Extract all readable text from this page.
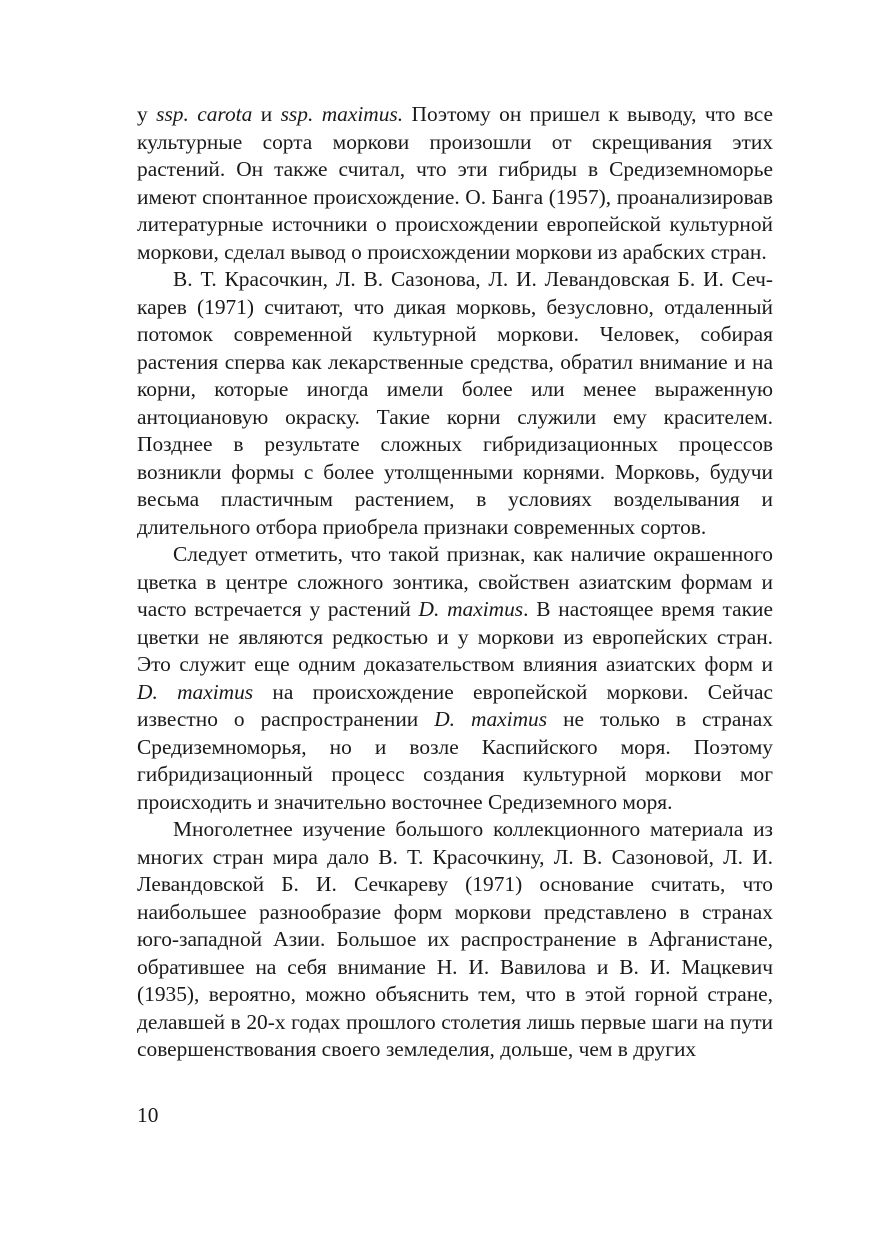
у ssp. carota и ssp. maximus. Поэтому он пришел к выводу, что все культурные сорта моркови произошли от скрещивания этих растений. Он также считал, что эти гибриды в Средиземноморье имеют спонтанное происхождение. О. Банга (1957), проанализировав литературные источники о происхождении европейской культурной моркови, сделал вывод о происхождении моркови из арабских стран.

В. Т. Красочкин, Л. В. Сазонова, Л. И. Левандовская Б. И. Сечкарев (1971) считают, что дикая морковь, безусловно, отдаленный потомок современной культурной моркови. Человек, собирая растения сперва как лекарственные средства, обратил внимание и на корни, которые иногда имели более или менее выраженную антоциановую окраску. Такие корни служили ему красителем. Позднее в результате сложных гибридизационных процессов возникли формы с более утолщенными корнями. Морковь, будучи весьма пластичным растением, в условиях возделывания и длительного отбора приобрела признаки современных сортов.

Следует отметить, что такой признак, как наличие окрашенного цветка в центре сложного зонтика, свойствен азиатским формам и часто встречается у растений D. maximus. В настоящее время такие цветки не являются редкостью и у моркови из европейских стран. Это служит еще одним доказательством влияния азиатских форм и D. maximus на происхождение европейской моркови. Сейчас известно о распространении D. maximus не только в странах Средиземноморья, но и возле Каспийского моря. Поэтому гибридизационный процесс создания культурной моркови мог происходить и значительно восточнее Средиземного моря.

Многолетнее изучение большого коллекционного материала из многих стран мира дало В. Т. Красочкину, Л. В. Сазоновой, Л. И. Левандовской Б. И. Сечкареву (1971) основание считать, что наибольшее разнообразие форм моркови представлено в странах юго-западной Азии. Большое их распространение в Афганистане, обратившее на себя внимание Н. И. Вавилова и В. И. Мацкевич (1935), вероятно, можно объяснить тем, что в этой горной стране, делавшей в 20-х годах прошлого столетия лишь первые шаги на пути совершенствования своего земледелия, дольше, чем в других

10
